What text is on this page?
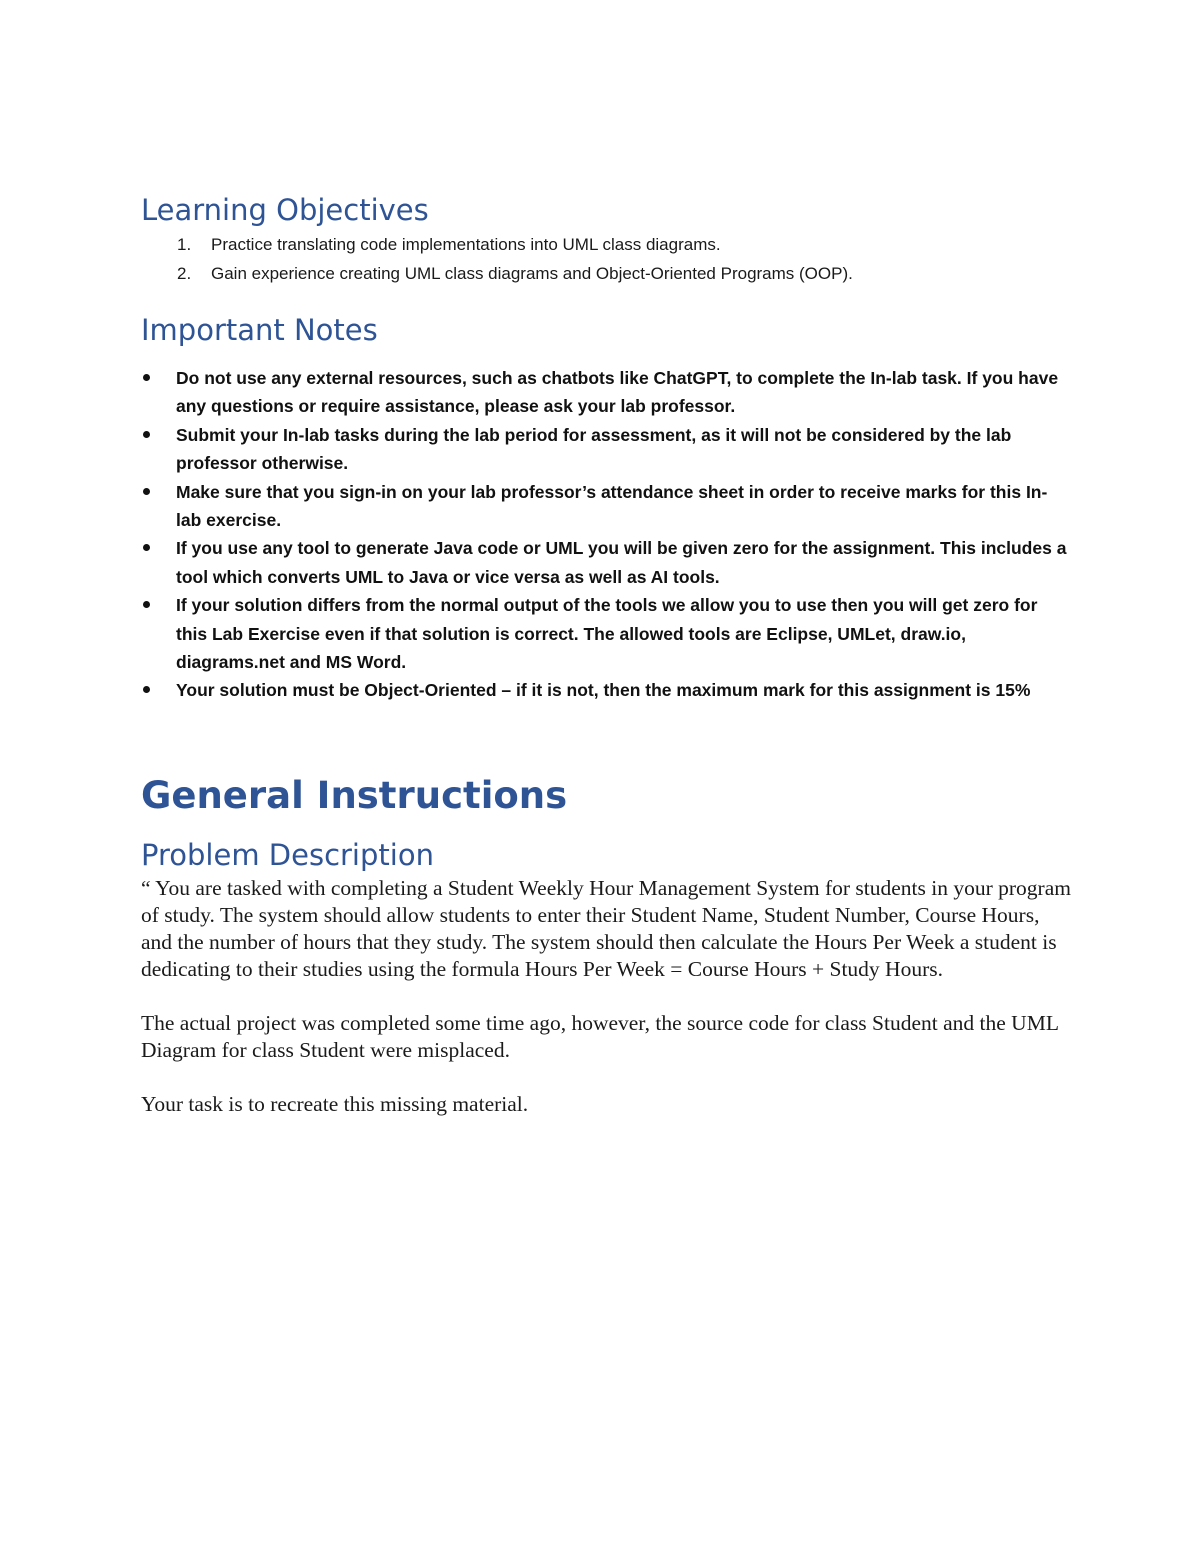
Learning Objectives
1. Practice translating code implementations into UML class diagrams.
2. Gain experience creating UML class diagrams and Object-Oriented Programs (OOP).
Important Notes
Do not use any external resources, such as chatbots like ChatGPT, to complete the In-lab task. If you have any questions or require assistance, please ask your lab professor.
Submit your In-lab tasks during the lab period for assessment, as it will not be considered by the lab professor otherwise.
Make sure that you sign-in on your lab professor’s attendance sheet in order to receive marks for this In-lab exercise.
If you use any tool to generate Java code or UML you will be given zero for the assignment. This includes a tool which converts UML to Java or vice versa as well as AI tools.
If your solution differs from the normal output of the tools we allow you to use then you will get zero for this Lab Exercise even if that solution is correct. The allowed tools are Eclipse, UMLet, draw.io, diagrams.net and MS Word.
Your solution must be Object-Oriented – if it is not, then the maximum mark for this assignment is 15%
General Instructions
Problem Description

“ You are tasked with completing a Student Weekly Hour Management System for students in your program of study. The system should allow students to enter their Student Name, Student Number, Course Hours, and the number of hours that they study. The system should then calculate the Hours Per Week a student is dedicating to their studies using the formula Hours Per Week = Course Hours + Study Hours.

The actual project was completed some time ago, however, the source code for class Student and the UML Diagram for class Student were misplaced.

Your task is to recreate this missing material.
